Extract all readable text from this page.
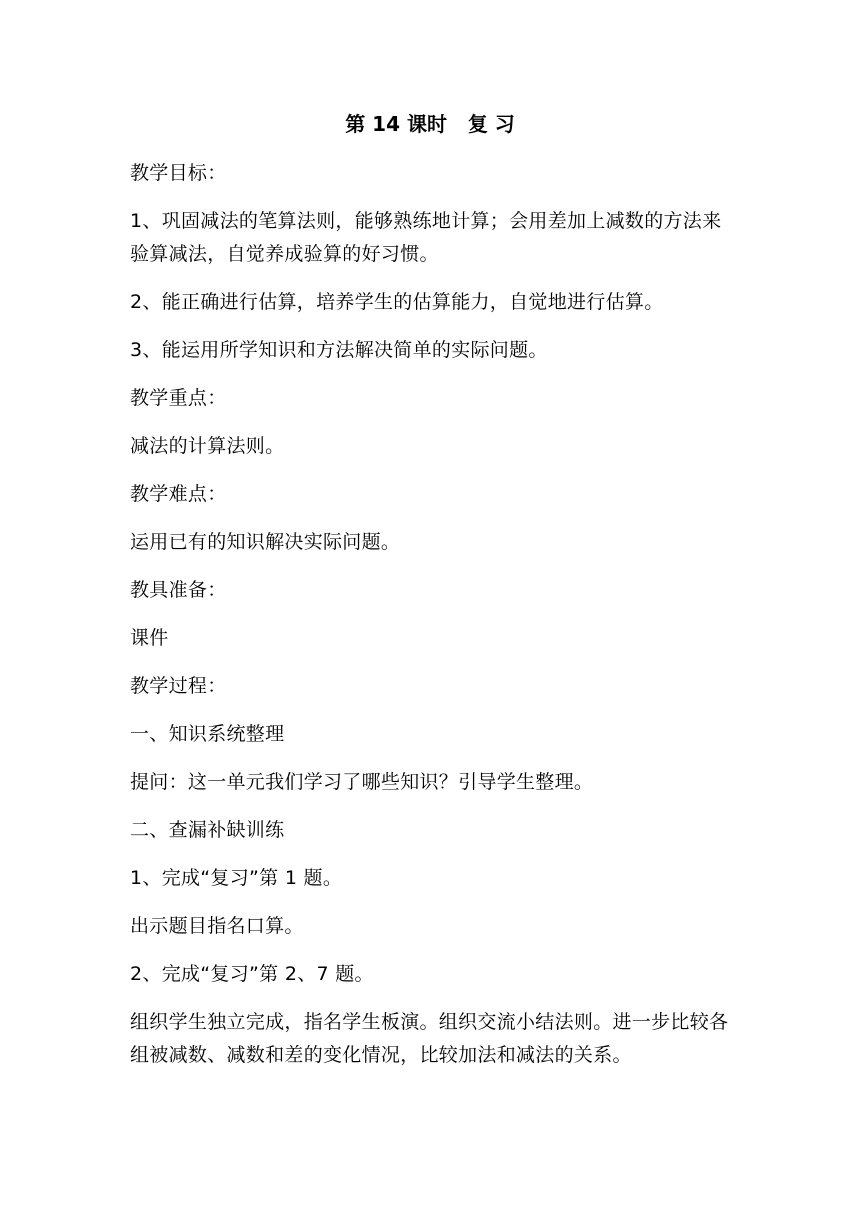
第 14 课时   复 习

教学目标：

1、巩固减法的笔算法则，能够熟练地计算；会用差加上减数的方法来验算减法，自觉养成验算的好习惯。

2、能正确进行估算，培养学生的估算能力，自觉地进行估算。

3、能运用所学知识和方法解决简单的实际问题。

教学重点：

减法的计算法则。

教学难点：

运用已有的知识解决实际问题。

教具准备：

课件

教学过程：

一、知识系统整理

提问：这一单元我们学习了哪些知识？引导学生整理。

二、查漏补缺训练

1、完成“复习”第 1 题。

出示题目指名口算。

2、完成“复习”第 2、7 题。

组织学生独立完成，指名学生板演。组织交流小结法则。进一步比较各组被减数、减数和差的变化情况，比较加法和减法的关系。
